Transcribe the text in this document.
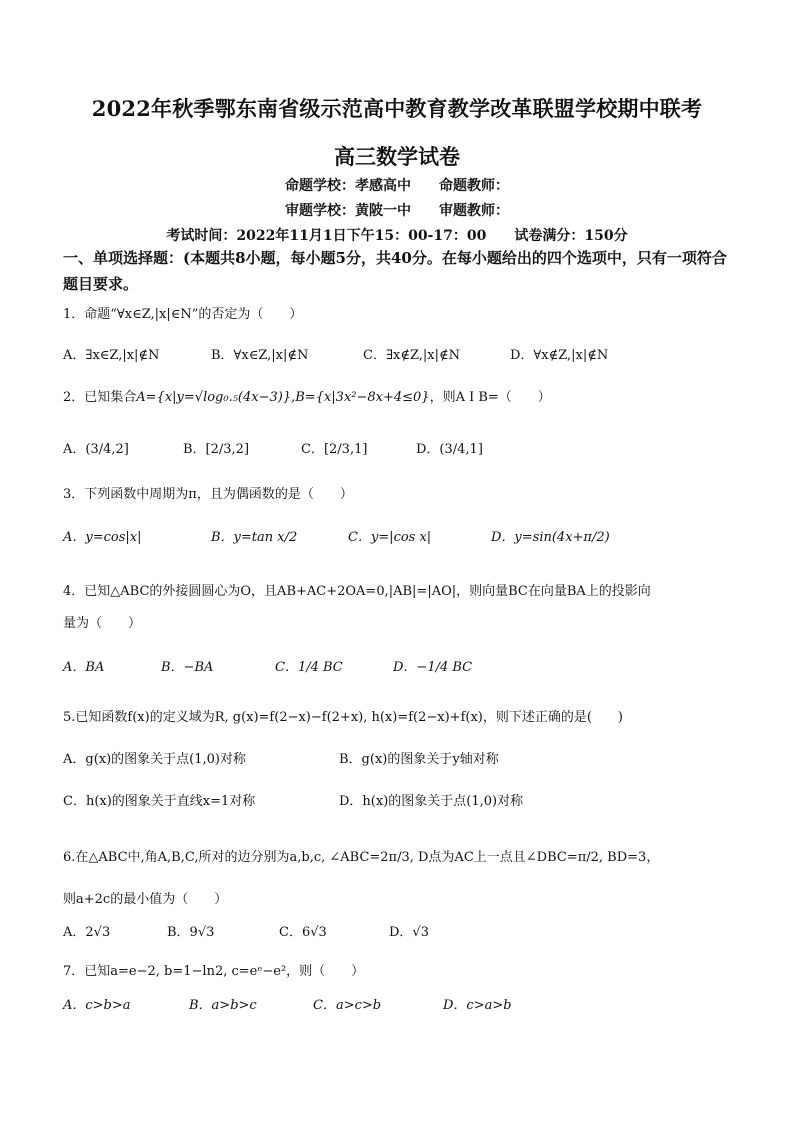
2022年秋季鄂东南省级示范高中教育教学改革联盟学校期中联考
高三数学试卷
命题学校：孝感高中 命题教师：
审题学校：黄陂一中 审题教师：
考试时间：2022年11月1日下午15：00-17：00 试卷满分：150分
一、单项选择题：(本题共8小题，每小题5分，共40分。在每小题给出的四个选项中，只有一项符合题目要求。
1．命题“∀x∈Z,|x|∈N”的否定为（　　）
A．∃x∈Z,|x|∉N	B．∀x∈Z,|x|∉N	C．∃x∉Z,|x|∉N	D．∀x∉Z,|x|∉N
2．已知集合A={x|y=√log₀.₅(4x−3)},B={x|3x²−8x+4≤0}，则A I B=（　　）
A．(3/4,2]	B．[2/3,2]	C．[2/3,1]	D．(3/4,1]
3．下列函数中周期为π，且为偶函数的是（　　）
A．y=cos|x|	B．y=tan x/2	C．y=|cos x|	D．y=sin(4x+π/2)
4．已知△ABC的外接圆圆心为O，且AB+AC+2OA=0,|AB|=|AO|，则向量BC在向量BA上的投影向
量为（　　）
A．BA	B．−BA	C．1/4 BC	D．−1/4 BC
5.已知函数f(x)的定义域为R, g(x)=f(2−x)−f(2+x), h(x)=f(2−x)+f(x)，则下述正确的是(　　)
A．g(x)的图象关于点(1,0)对称	B．g(x)的图象关于y轴对称
C．h(x)的图象关于直线x=1对称	D．h(x)的图象关于点(1,0)对称
6.在△ABC中,角A,B,C,所对的边分别为a,b,c, ∠ABC=2π/3, D点为AC上一点且∠DBC=π/2, BD=3，
则a+2c的最小值为（　　）
A．2√3	B．9√3	C．6√3	D．√3
7．已知a=e−2, b=1−ln2, c=eᵉ−e²，则（　　）
A．c>b>a	B．a>b>c	C．a>c>b	D．c>a>b
